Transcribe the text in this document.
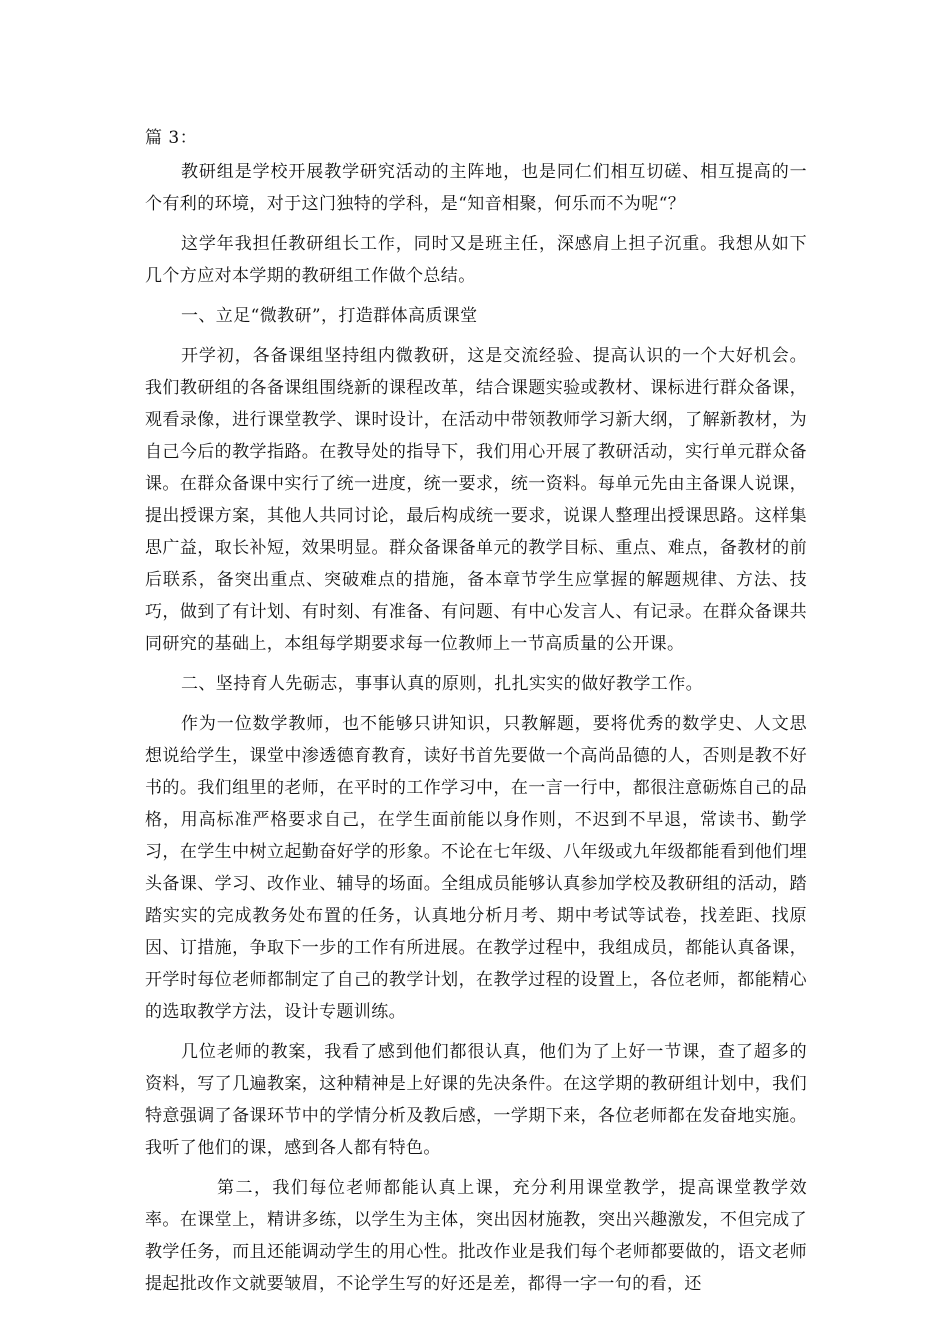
篇 3：

教研组是学校开展教学研究活动的主阵地，也是同仁们相互切磋、相互提高的一个有利的环境，对于这门独特的学科，是“知音相聚，何乐而不为呢“？

这学年我担任教研组长工作，同时又是班主任，深感肩上担子沉重。我想从如下几个方应对本学期的教研组工作做个总结。

一、立足“微教研”，打造群体高质课堂

开学初，各备课组坚持组内微教研，这是交流经验、提高认识的一个大好机会。我们教研组的各备课组围绕新的课程改革，结合课题实验或教材、课标进行群众备课，观看录像，进行课堂教学、课时设计，在活动中带领教师学习新大纲，了解新教材，为自己今后的教学指路。在教导处的指导下，我们用心开展了教研活动，实行单元群众备课。在群众备课中实行了统一进度，统一要求，统一资料。每单元先由主备课人说课，提出授课方案，其他人共同讨论，最后构成统一要求，说课人整理出授课思路。这样集思广益，取长补短，效果明显。群众备课备单元的教学目标、重点、难点，备教材的前后联系，备突出重点、突破难点的措施，备本章节学生应掌握的解题规律、方法、技巧，做到了有计划、有时刻、有准备、有问题、有中心发言人、有记录。在群众备课共同研究的基础上，本组每学期要求每一位教师上一节高质量的公开课。

二、坚持育人先砺志，事事认真的原则，扎扎实实的做好教学工作。

作为一位数学教师，也不能够只讲知识，只教解题，要将优秀的数学史、人文思想说给学生，课堂中渗透德育教育，读好书首先要做一个高尚品德的人，否则是教不好书的。我们组里的老师，在平时的工作学习中，在一言一行中，都很注意砺炼自己的品格，用高标准严格要求自己，在学生面前能以身作则，不迟到不早退，常读书、勤学习，在学生中树立起勤奋好学的形象。不论在七年级、八年级或九年级都能看到他们埋头备课、学习、改作业、辅导的场面。全组成员能够认真参加学校及教研组的活动，踏踏实实的完成教务处布置的任务，认真地分析月考、期中考试等试卷，找差距、找原因、订措施，争取下一步的工作有所进展。在教学过程中，我组成员，都能认真备课，开学时每位老师都制定了自己的教学计划，在教学过程的设置上，各位老师，都能精心的选取教学方法，设计专题训练。

几位老师的教案，我看了感到他们都很认真，他们为了上好一节课，查了超多的资料，写了几遍教案，这种精神是上好课的先决条件。在这学期的教研组计划中，我们特意强调了备课环节中的学情分析及教后感，一学期下来，各位老师都在发奋地实施。我听了他们的课，感到各人都有特色。

第二，我们每位老师都能认真上课，充分利用课堂教学，提高课堂教学效率。在课堂上，精讲多练，以学生为主体，突出因材施教，突出兴趣激发，不但完成了教学任务，而且还能调动学生的用心性。批改作业是我们每个老师都要做的，语文老师提起批改作文就要皱眉，不论学生写的好还是差，都得一字一句的看，还
